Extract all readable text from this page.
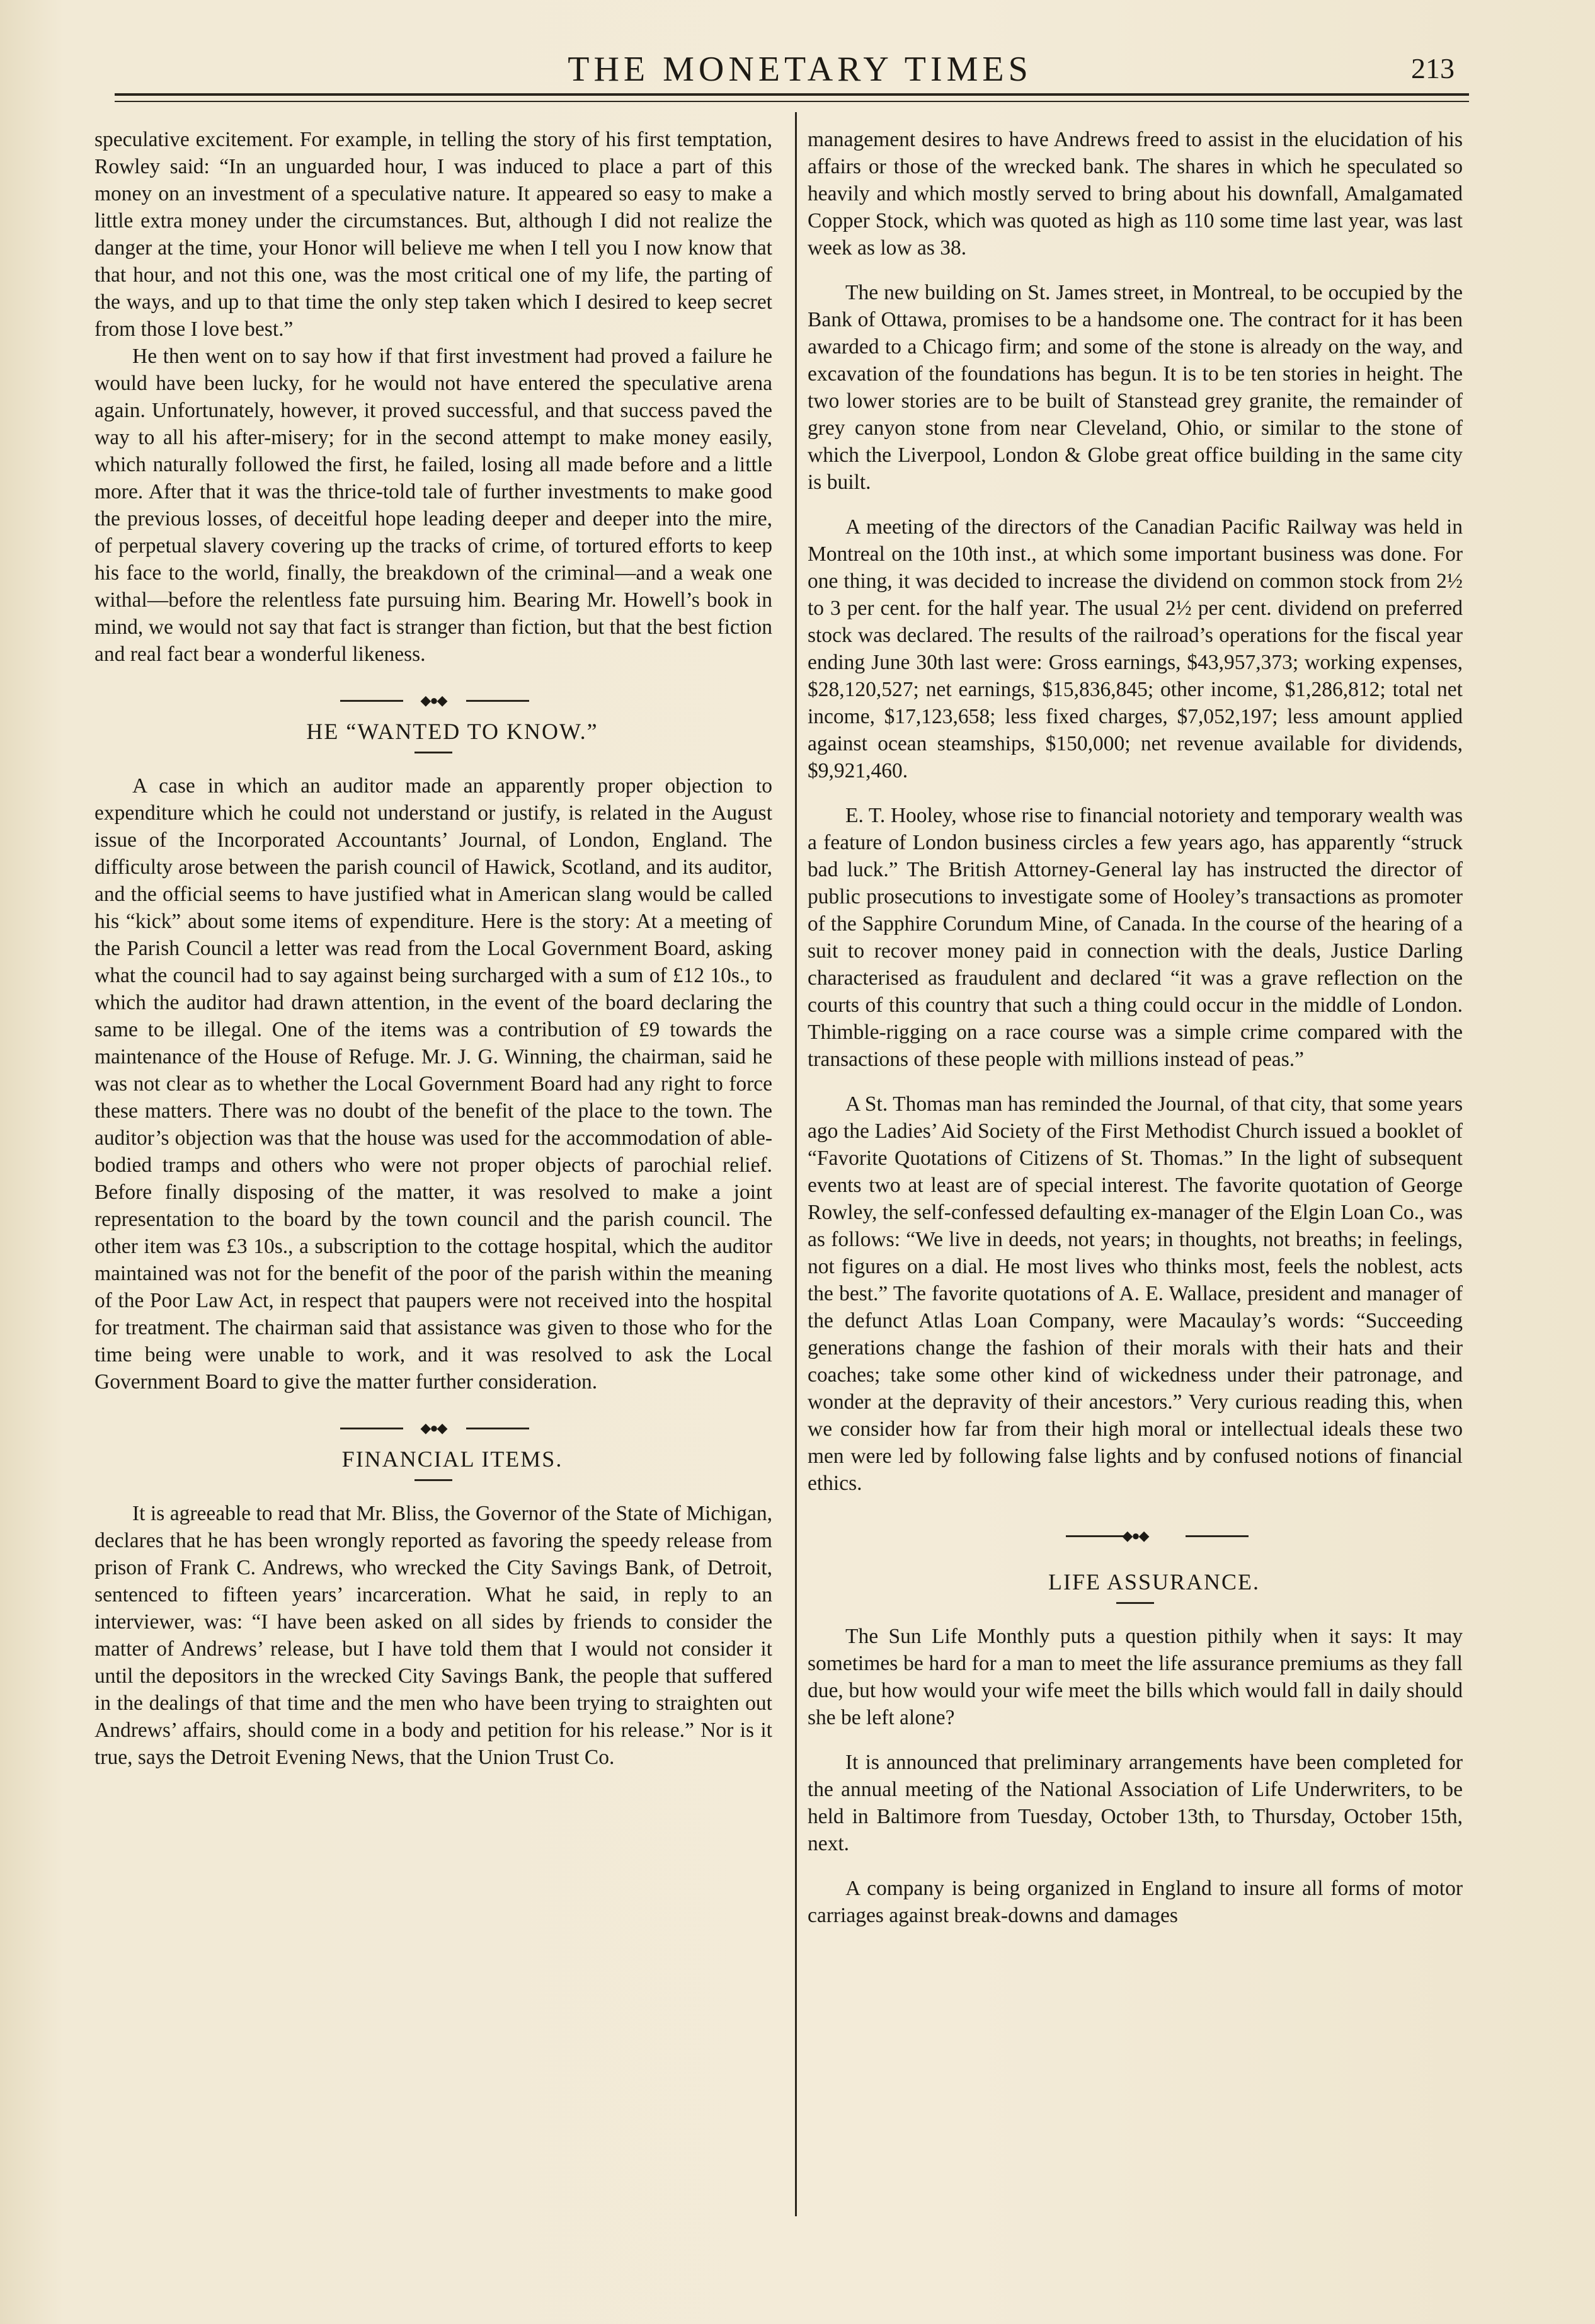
THE MONETARY TIMES	213

speculative excitement. For example, in telling the story of his first temptation, Rowley said: “In an unguarded hour, I was induced to place a part of this money on an investment of a speculative nature. It appeared so easy to make a little extra money under the circumstances. But, although I did not realize the danger at the time, your Honor will believe me when I tell you I now know that that hour, and not this one, was the most critical one of my life, the parting of the ways, and up to that time the only step taken which I desired to keep secret from those I love best.”

He then went on to say how if that first investment had proved a failure he would have been lucky, for he would not have entered the speculative arena again. Unfortunately, however, it proved successful, and that success paved the way to all his after-misery; for in the second attempt to make money easily, which naturally followed the first, he failed, losing all made before and a little more. After that it was the thrice-told tale of further investments to make good the previous losses, of deceitful hope leading deeper and deeper into the mire, of perpetual slavery covering up the tracks of crime, of tortured efforts to keep his face to the world, finally, the breakdown of the criminal—and a weak one withal—before the relentless fate pursuing him. Bearing Mr. Howell’s book in mind, we would not say that fact is stranger than fiction, but that the best fiction and real fact bear a wonderful likeness.

◆●◆

HE “WANTED TO KNOW.”

A case in which an auditor made an apparently proper objection to expenditure which he could not understand or justify, is related in the August issue of the Incorporated Accountants’ Journal, of London, England. The difficulty arose between the parish council of Hawick, Scotland, and its auditor, and the official seems to have justified what in American slang would be called his “kick” about some items of expenditure. Here is the story: At a meeting of the Parish Council a letter was read from the Local Government Board, asking what the council had to say against being surcharged with a sum of £12 10s., to which the auditor had drawn attention, in the event of the board declaring the same to be illegal. One of the items was a contribution of £9 towards the maintenance of the House of Refuge. Mr. J. G. Winning, the chairman, said he was not clear as to whether the Local Government Board had any right to force these matters. There was no doubt of the benefit of the place to the town. The auditor’s objection was that the house was used for the accommodation of able-bodied tramps and others who were not proper objects of parochial relief. Before finally disposing of the matter, it was resolved to make a joint representation to the board by the town council and the parish council. The other item was £3 10s., a subscription to the cottage hospital, which the auditor maintained was not for the benefit of the poor of the parish within the meaning of the Poor Law Act, in respect that paupers were not received into the hospital for treatment. The chairman said that assistance was given to those who for the time being were unable to work, and it was resolved to ask the Local Government Board to give the matter further consideration.

◆●◆

FINANCIAL ITEMS.

It is agreeable to read that Mr. Bliss, the Governor of the State of Michigan, declares that he has been wrongly reported as favoring the speedy release from prison of Frank C. Andrews, who wrecked the City Savings Bank, of Detroit, sentenced to fifteen years’ incarceration. What he said, in reply to an interviewer, was: “I have been asked on all sides by friends to consider the matter of Andrews’ release, but I have told them that I would not consider it until the depositors in the wrecked City Savings Bank, the people that suffered in the dealings of that time and the men who have been trying to straighten out Andrews’ affairs, should come in a body and petition for his release.” Nor is it true, says the Detroit Evening News, that the Union Trust Co.

management desires to have Andrews freed to assist in the elucidation of his affairs or those of the wrecked bank. The shares in which he speculated so heavily and which mostly served to bring about his downfall, Amalgamated Copper Stock, which was quoted as high as 110 some time last year, was last week as low as 38.

The new building on St. James street, in Montreal, to be occupied by the Bank of Ottawa, promises to be a handsome one. The contract for it has been awarded to a Chicago firm; and some of the stone is already on the way, and excavation of the foundations has begun. It is to be ten stories in height. The two lower stories are to be built of Stanstead grey granite, the remainder of grey canyon stone from near Cleveland, Ohio, or similar to the stone of which the Liverpool, London & Globe great office building in the same city is built.

A meeting of the directors of the Canadian Pacific Railway was held in Montreal on the 10th inst., at which some important business was done. For one thing, it was decided to increase the dividend on common stock from 2½ to 3 per cent. for the half year. The usual 2½ per cent. dividend on preferred stock was declared. The results of the railroad’s operations for the fiscal year ending June 30th last were: Gross earnings, $43,957,373; working expenses, $28,120,527; net earnings, $15,836,845; other income, $1,286,812; total net income, $17,123,658; less fixed charges, $7,052,197; less amount applied against ocean steamships, $150,000; net revenue available for dividends, $9,921,460.

E. T. Hooley, whose rise to financial notoriety and temporary wealth was a feature of London business circles a few years ago, has apparently “struck bad luck.” The British Attorney-General lay has instructed the director of public prosecutions to investigate some of Hooley’s transactions as promoter of the Sapphire Corundum Mine, of Canada. In the course of the hearing of a suit to recover money paid in connection with the deals, Justice Darling characterised as fraudulent and declared “it was a grave reflection on the courts of this country that such a thing could occur in the middle of London. Thimble-rigging on a race course was a simple crime compared with the transactions of these people with millions instead of peas.”

A St. Thomas man has reminded the Journal, of that city, that some years ago the Ladies’ Aid Society of the First Methodist Church issued a booklet of “Favorite Quotations of Citizens of St. Thomas.” In the light of subsequent events two at least are of special interest. The favorite quotation of George Rowley, the self-confessed defaulting ex-manager of the Elgin Loan Co., was as follows: “We live in deeds, not years; in thoughts, not breaths; in feelings, not figures on a dial. He most lives who thinks most, feels the noblest, acts the best.” The favorite quotations of A. E. Wallace, president and manager of the defunct Atlas Loan Company, were Macaulay’s words: “Succeeding generations change the fashion of their morals with their hats and their coaches; take some other kind of wickedness under their patronage, and wonder at the depravity of their ancestors.” Very curious reading this, when we consider how far from their high moral or intellectual ideals these two men were led by following false lights and by confused notions of financial ethics.

◆●◆

LIFE ASSURANCE.

The Sun Life Monthly puts a question pithily when it says: It may sometimes be hard for a man to meet the life assurance premiums as they fall due, but how would your wife meet the bills which would fall in daily should she be left alone?

It is announced that preliminary arrangements have been completed for the annual meeting of the National Association of Life Underwriters, to be held in Baltimore from Tuesday, October 13th, to Thursday, October 15th, next.

A company is being organized in England to insure all forms of motor carriages against break-downs and damages
